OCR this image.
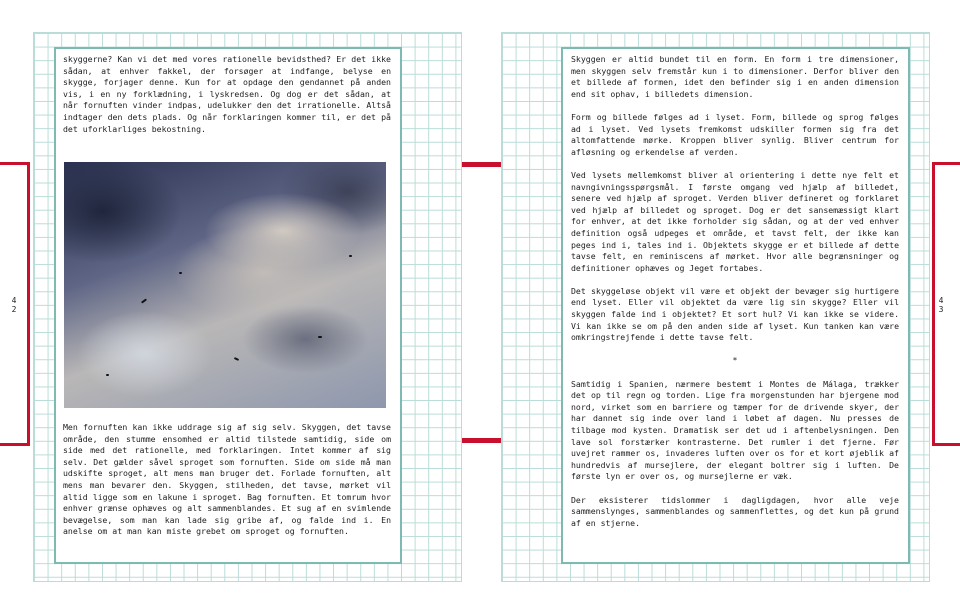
skyggerne? Kan vi det med vores rationelle bevidsthed? Er det ikke sådan, at enhver fakkel, der forsøger at indfange, belyse en skygge, forjager denne. Kun for at opdage den gendannet på anden vis, i en ny forklædning, i lyskredsen. Og dog er det sådan, at når fornuften vinder indpas, udelukker den det irrationelle. Altså indtager den dets plads. Og når forklaringen kommer til, er det på det uforklarliges bekostning.
Men fornuften kan ikke uddrage sig af sig selv. Skyggen, det tavse område, den stumme ensomhed er altid tilstede samtidig, side om side med det rationelle, med forklaringen. Intet kommer af sig selv. Det gælder såvel sproget som fornuften. Side om side må man udskifte sproget, alt mens man bruger det. Forlade fornuften, alt mens man bevarer den. Skyggen, stilheden, det tavse, mørket vil altid ligge som en lakune i sproget. Bag fornuften. Et tomrum hvor enhver grænse ophæves og alt sammenblandes. Et sug af en svimlende bevægelse, som man kan lade sig gribe af, og falde ind i. En anelse om at man kan miste grebet om sproget og fornuften.

Skyggen er altid bundet til en form. En form i tre dimensioner, men skyggen selv fremstår kun i to dimensioner. Derfor bliver den et billede af formen, idet den befinder sig i en anden dimension end sit ophav, i billedets dimension.

Form og billede følges ad i lyset. Form, billede og sprog følges ad i lyset. Ved lysets fremkomst udskiller formen sig fra det altomfattende mørke. Kroppen bliver synlig. Bliver centrum for afløsning og erkendelse af verden.

Ved lysets mellemkomst bliver al orientering i dette nye felt et navngivningsspørgsmål. I første omgang ved hjælp af billedet, senere ved hjælp af sproget. Verden bliver defineret og forklaret ved hjælp af billedet og sproget. Dog er det sansemæssigt klart for enhver, at det ikke forholder sig sådan, og at der ved enhver definition også udpeges et område, et tavst felt, der ikke kan peges ind i, tales ind i. Objektets skygge er et billede af dette tavse felt, en reminiscens af mørket. Hvor alle begrænsninger og definitioner ophæves og Jeget fortabes.

Det skyggeløse objekt vil være et objekt der bevæger sig hurtigere end lyset. Eller vil objektet da være lig sin skygge? Eller vil skyggen falde ind i objektet? Et sort hul? Vi kan ikke se videre. Vi kan ikke se om på den anden side af lyset. Kun tanken kan være omkringstrejfende i dette tavse felt.

*

Samtidig i Spanien, nærmere bestemt i Montes de Málaga, trækker det op til regn og torden. Lige fra morgenstunden har bjergene mod nord, virket som en barriere og tæmper for de drivende skyer, der har dannet sig inde over land i løbet af dagen. Nu presses de tilbage mod kysten. Dramatisk ser det ud i aftenbelysningen. Den lave sol forstærker kontrasterne. Det rumler i det fjerne. Før uvejret rammer os, invaderes luften over os for et kort øjeblik af hundredvis af mursejlere, der elegant boltrer sig i luften. De første lyn er over os, og mursejlerne er væk.

Der eksisterer tidslommer i dagligdagen, hvor alle veje sammenslynges, sammenblandes og sammenflettes, og det kun på grund af en stjerne.

4
2
4
3
